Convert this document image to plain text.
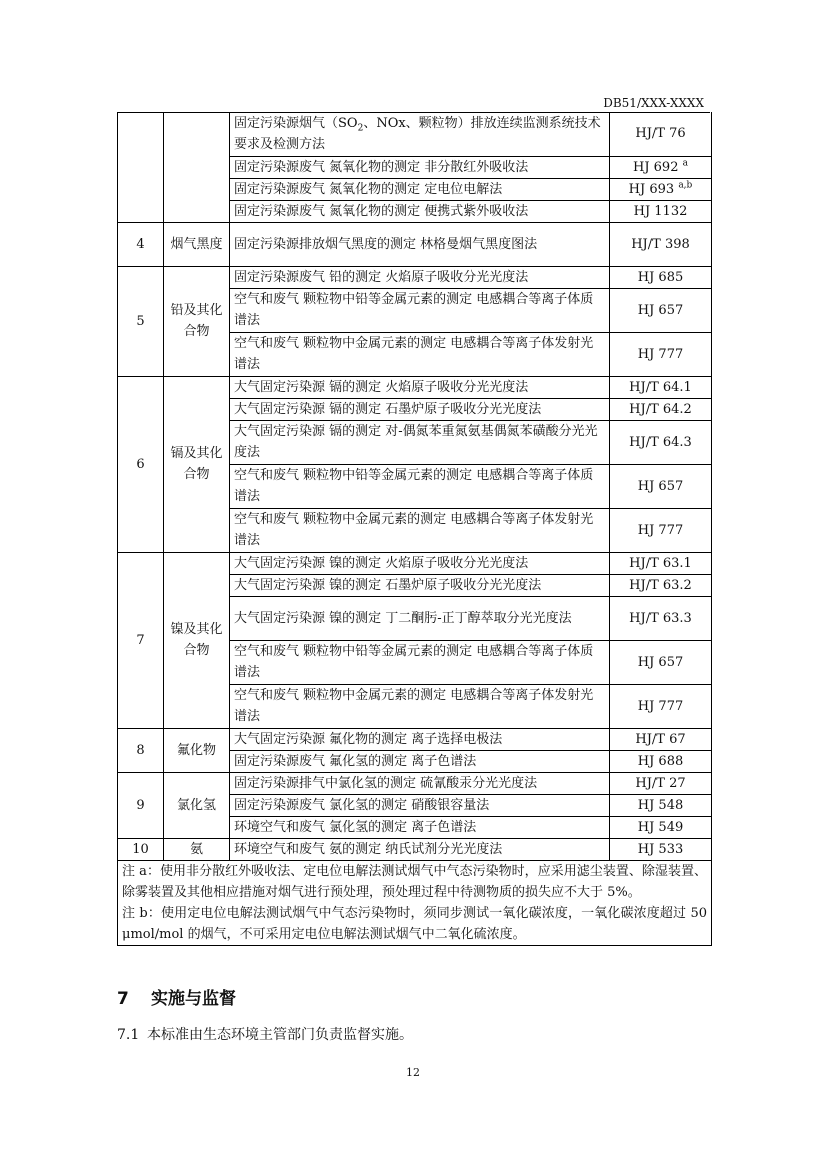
DB51/XXX-XXXX
		固定污染源烟气（$SO_2$、NOx、颗粒物）排放连续监测系统技术要求及检测方法	HJ/T 76
		固定污染源废气 氮氧化物的测定 非分散红外吸收法	HJ 692 $^a$
		固定污染源废气 氮氧化物的测定 定电位电解法	HJ 693 $^{a,b}$
		固定污染源废气 氮氧化物的测定 便携式紫外吸收法	HJ 1132
4	烟气黑度	固定污染源排放烟气黑度的测定 林格曼烟气黑度图法	HJ/T 398
5	铅及其化合物	固定污染源废气 铅的测定 火焰原子吸收分光光度法	HJ 685
		空气和废气 颗粒物中铅等金属元素的测定 电感耦合等离子体质谱法	HJ 657
		空气和废气 颗粒物中金属元素的测定 电感耦合等离子体发射光谱法	HJ 777
6	镉及其化合物	大气固定污染源 镉的测定 火焰原子吸收分光光度法	HJ/T 64.1
		大气固定污染源 镉的测定 石墨炉原子吸收分光光度法	HJ/T 64.2
		大气固定污染源 镉的测定 对-偶氮苯重氮氨基偶氮苯磺酸分光光度法	HJ/T 64.3
		空气和废气 颗粒物中铅等金属元素的测定 电感耦合等离子体质谱法	HJ 657
		空气和废气 颗粒物中金属元素的测定 电感耦合等离子体发射光谱法	HJ 777
7	镍及其化合物	大气固定污染源 镍的测定 火焰原子吸收分光光度法	HJ/T 63.1
		大气固定污染源 镍的测定 石墨炉原子吸收分光光度法	HJ/T 63.2
		大气固定污染源 镍的测定 丁二酮肟-正丁醇萃取分光光度法	HJ/T 63.3
		空气和废气 颗粒物中铅等金属元素的测定 电感耦合等离子体质谱法	HJ 657
		空气和废气 颗粒物中金属元素的测定 电感耦合等离子体发射光谱法	HJ 777
8	氟化物	大气固定污染源 氟化物的测定 离子选择电极法	HJ/T 67
		固定污染源废气 氟化氢的测定 离子色谱法	HJ 688
9	氯化氢	固定污染源排气中氯化氢的测定 硫氰酸汞分光光度法	HJ/T 27
		固定污染源废气 氯化氢的测定 硝酸银容量法	HJ 548
		环境空气和废气 氯化氢的测定 离子色谱法	HJ 549
10	氨	环境空气和废气 氨的测定 纳氏试剂分光光度法	HJ 533

注 a：使用非分散红外吸收法、定电位电解法测试烟气中气态污染物时，应采用滤尘装置、除湿装置、除雾装置及其他相应措施对烟气进行预处理，预处理过程中待测物质的损失应不大于 5%。

注 b：使用定电位电解法测试烟气中气态污染物时，须同步测试一氧化碳浓度，一氧化碳浓度超过 50 μmol/mol 的烟气，不可采用定电位电解法测试烟气中二氧化硫浓度。			

7 实施与监督
7.1 本标准由生态环境主管部门负责监督实施。
12
